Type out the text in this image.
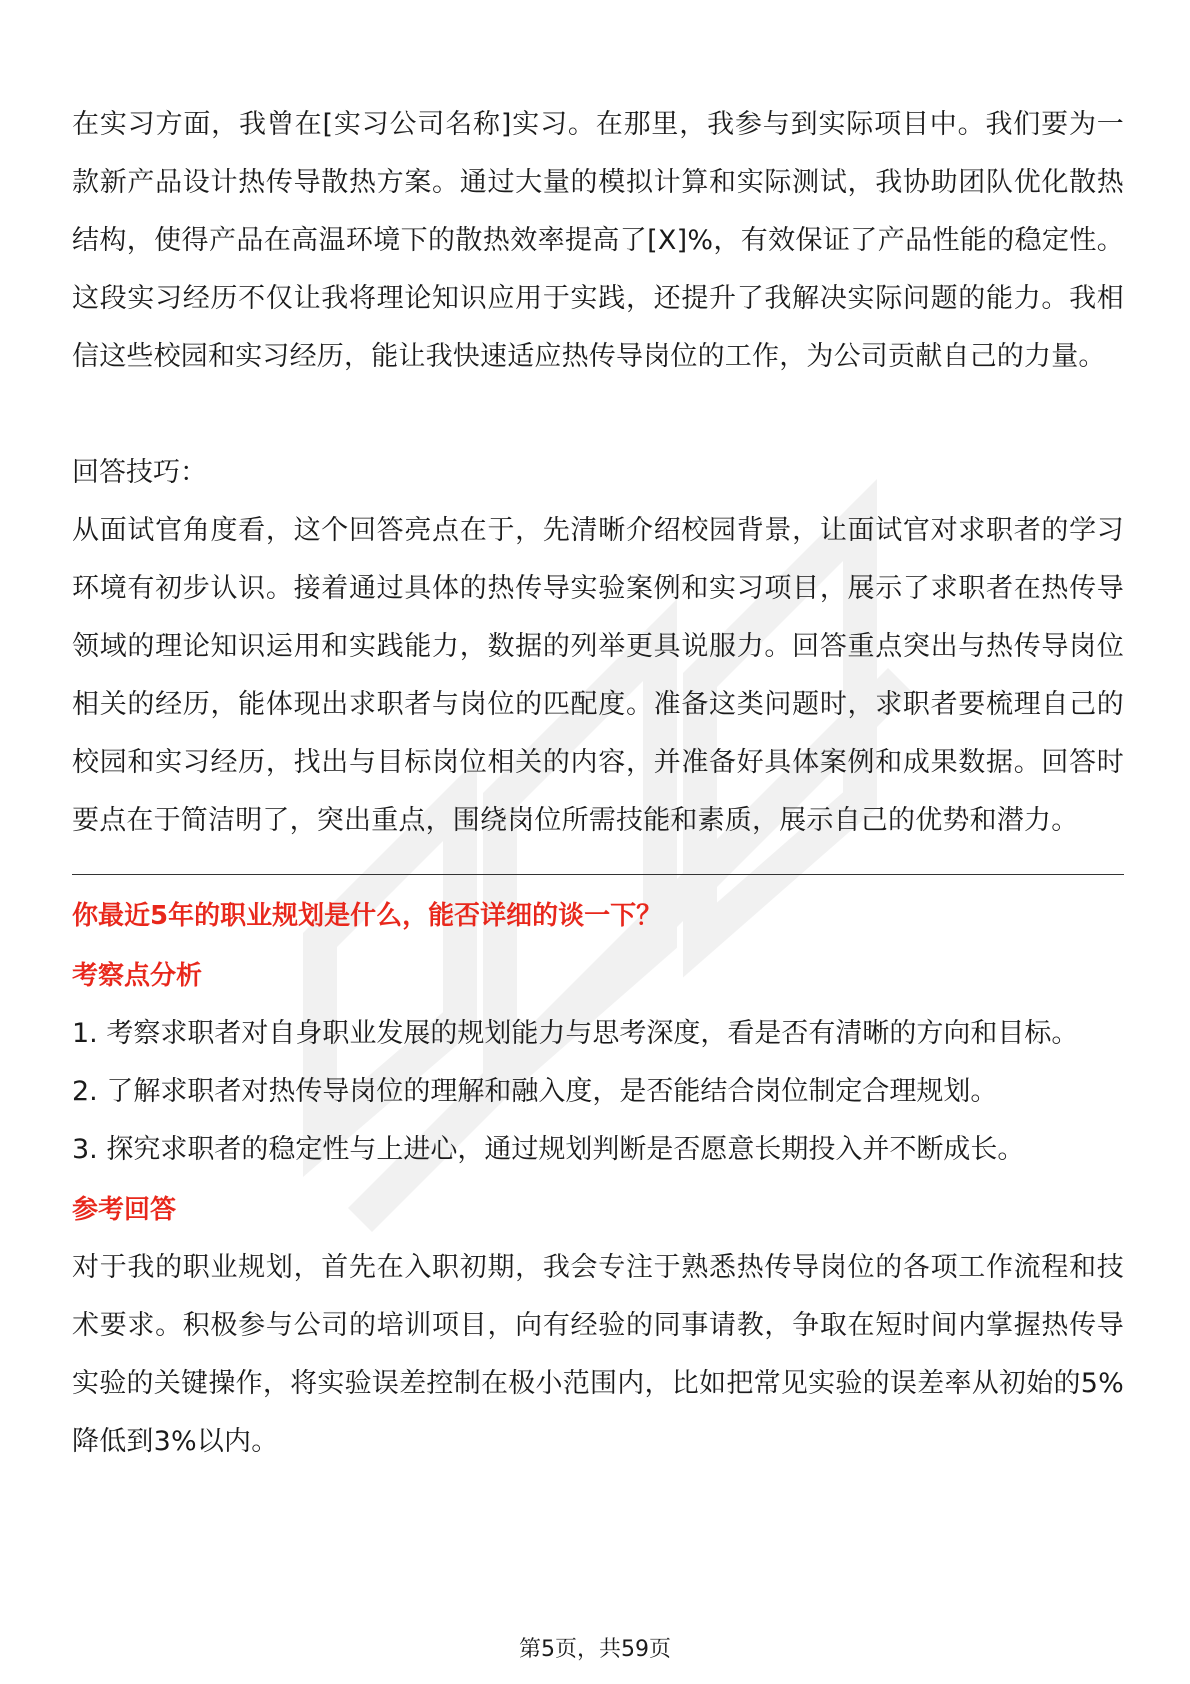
在实习方面，我曾在[实习公司名称]实习。在那里，我参与到实际项目中。我们要为一款新产品设计热传导散热方案。通过大量的模拟计算和实际测试，我协助团队优化散热结构，使得产品在高温环境下的散热效率提高了[X]%，有效保证了产品性能的稳定性。这段实习经历不仅让我将理论知识应用于实践，还提升了我解决实际问题的能力。我相信这些校园和实习经历，能让我快速适应热传导岗位的工作，为公司贡献自己的力量。

回答技巧：

从面试官角度看，这个回答亮点在于，先清晰介绍校园背景，让面试官对求职者的学习环境有初步认识。接着通过具体的热传导实验案例和实习项目，展示了求职者在热传导领域的理论知识运用和实践能力，数据的列举更具说服力。回答重点突出与热传导岗位相关的经历，能体现出求职者与岗位的匹配度。准备这类问题时，求职者要梳理自己的校园和实习经历，找出与目标岗位相关的内容，并准备好具体案例和成果数据。回答时要点在于简洁明了，突出重点，围绕岗位所需技能和素质，展示自己的优势和潜力。

你最近5年的职业规划是什么，能否详细的谈一下？

考察点分析

1. 考察求职者对自身职业发展的规划能力与思考深度，看是否有清晰的方向和目标。

2. 了解求职者对热传导岗位的理解和融入度，是否能结合岗位制定合理规划。

3. 探究求职者的稳定性与上进心，通过规划判断是否愿意长期投入并不断成长。

参考回答

对于我的职业规划，首先在入职初期，我会专注于熟悉热传导岗位的各项工作流程和技术要求。积极参与公司的培训项目，向有经验的同事请教，争取在短时间内掌握热传导实验的关键操作，将实验误差控制在极小范围内，比如把常见实验的误差率从初始的5%降低到3%以内。

第5页，共59页
